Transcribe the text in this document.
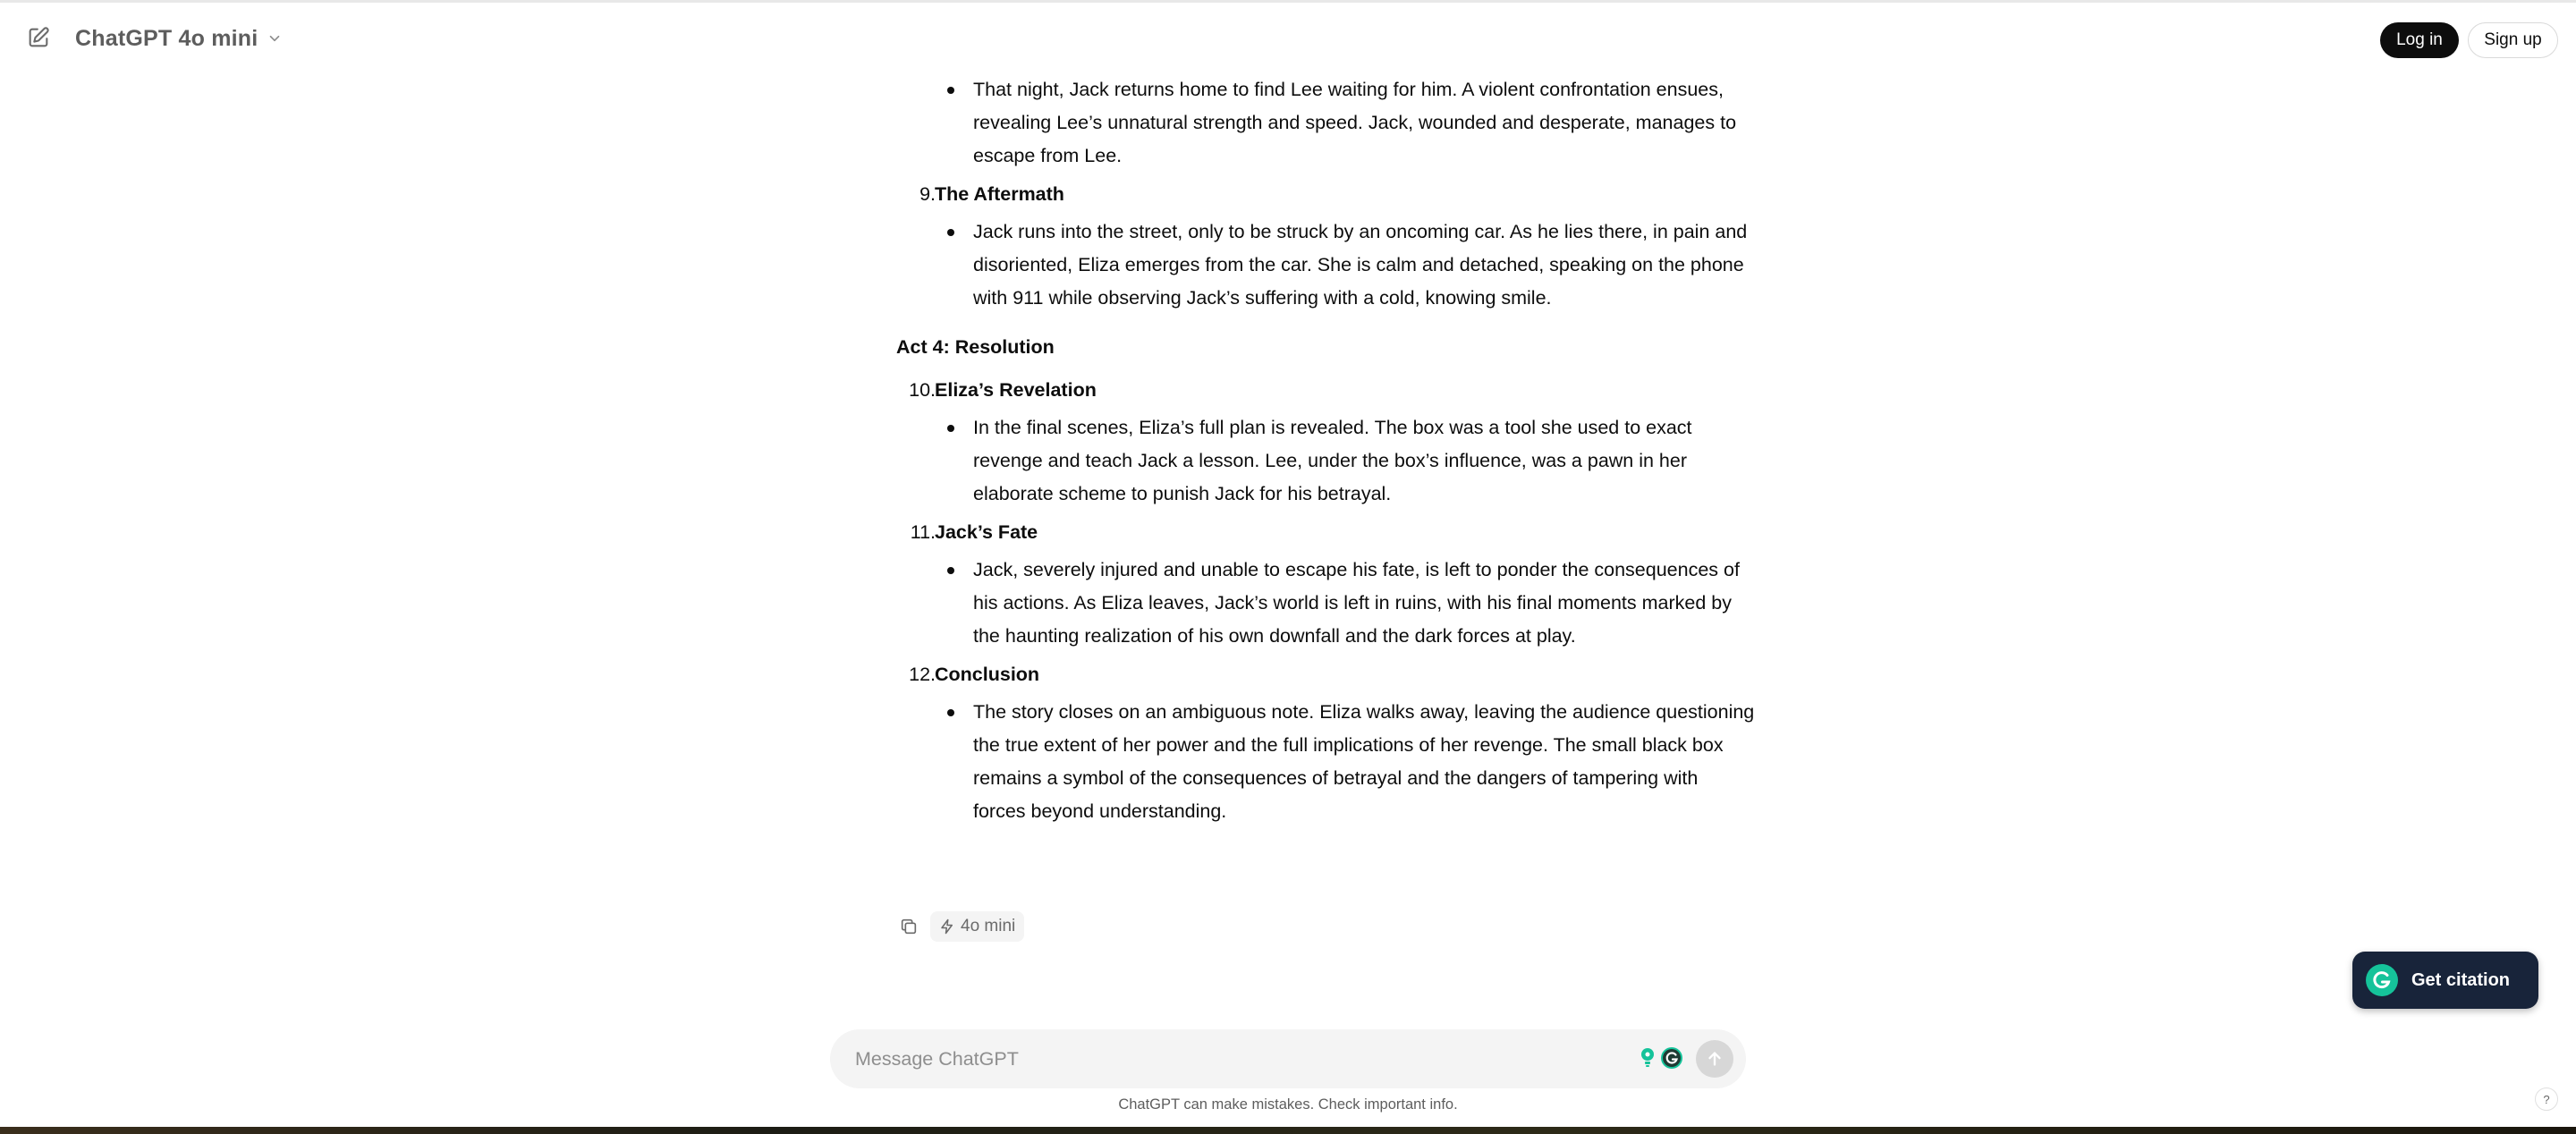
ChatGPT 4o mini	Log in	Sign up
That night, Jack returns home to find Lee waiting for him. A violent confrontation ensues, revealing Lee’s unnatural strength and speed. Jack, wounded and desperate, manages to escape from Lee.
9. The Aftermath
Jack runs into the street, only to be struck by an oncoming car. As he lies there, in pain and disoriented, Eliza emerges from the car. She is calm and detached, speaking on the phone with 911 while observing Jack’s suffering with a cold, knowing smile.
Act 4: Resolution
10. Eliza’s Revelation
In the final scenes, Eliza’s full plan is revealed. The box was a tool she used to exact revenge and teach Jack a lesson. Lee, under the box’s influence, was a pawn in her elaborate scheme to punish Jack for his betrayal.
11. Jack’s Fate
Jack, severely injured and unable to escape his fate, is left to ponder the consequences of his actions. As Eliza leaves, Jack’s world is left in ruins, with his final moments marked by the haunting realization of his own downfall and the dark forces at play.
12. Conclusion
The story closes on an ambiguous note. Eliza walks away, leaving the audience questioning the true extent of her power and the full implications of her revenge. The small black box remains a symbol of the consequences of betrayal and the dangers of tampering with forces beyond understanding.
4o mini
Get citation
Message ChatGPT
ChatGPT can make mistakes. Check important info.	?
